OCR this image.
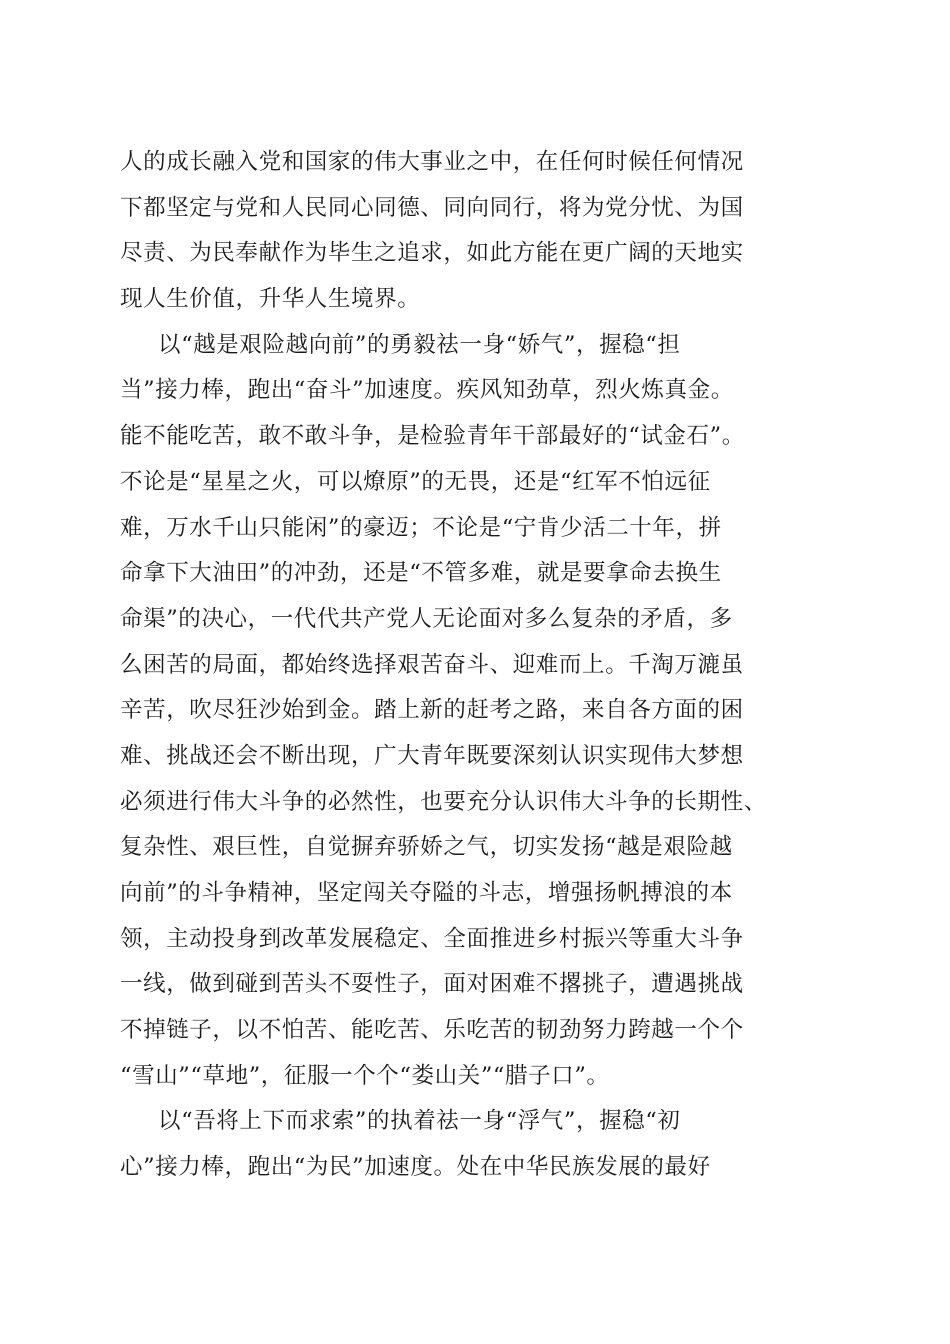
人的成长融入党和国家的伟大事业之中，在任何时候任何情况
下都坚定与党和人民同心同德、同向同行，将为党分忧、为国
尽责、为民奉献作为毕生之追求，如此方能在更广阔的天地实
现人生价值，升华人生境界。
以“越是艰险越向前”的勇毅祛一身“娇气”，握稳“担
当”接力棒，跑出“奋斗”加速度。疾风知劲草，烈火炼真金。
能不能吃苦，敢不敢斗争，是检验青年干部最好的“试金石”。
不论是“星星之火，可以燎原”的无畏，还是“红军不怕远征
难，万水千山只能闲”的豪迈；不论是“宁肯少活二十年，拼
命拿下大油田”的冲劲，还是“不管多难，就是要拿命去换生
命渠”的决心，一代代共产党人无论面对多么复杂的矛盾，多
么困苦的局面，都始终选择艰苦奋斗、迎难而上。千淘万漉虽
辛苦，吹尽狂沙始到金。踏上新的赶考之路，来自各方面的困
难、挑战还会不断出现，广大青年既要深刻认识实现伟大梦想
必须进行伟大斗争的必然性，也要充分认识伟大斗争的长期性、
复杂性、艰巨性，自觉摒弃骄娇之气，切实发扬“越是艰险越
向前”的斗争精神，坚定闯关夺隘的斗志，增强扬帆搏浪的本
领，主动投身到改革发展稳定、全面推进乡村振兴等重大斗争
一线，做到碰到苦头不耍性子，面对困难不撂挑子，遭遇挑战
不掉链子，以不怕苦、能吃苦、乐吃苦的韧劲努力跨越一个个
“雪山”“草地”，征服一个个“娄山关”“腊子口”。
以“吾将上下而求索”的执着祛一身“浮气”，握稳“初
心”接力棒，跑出“为民”加速度。处在中华民族发展的最好
